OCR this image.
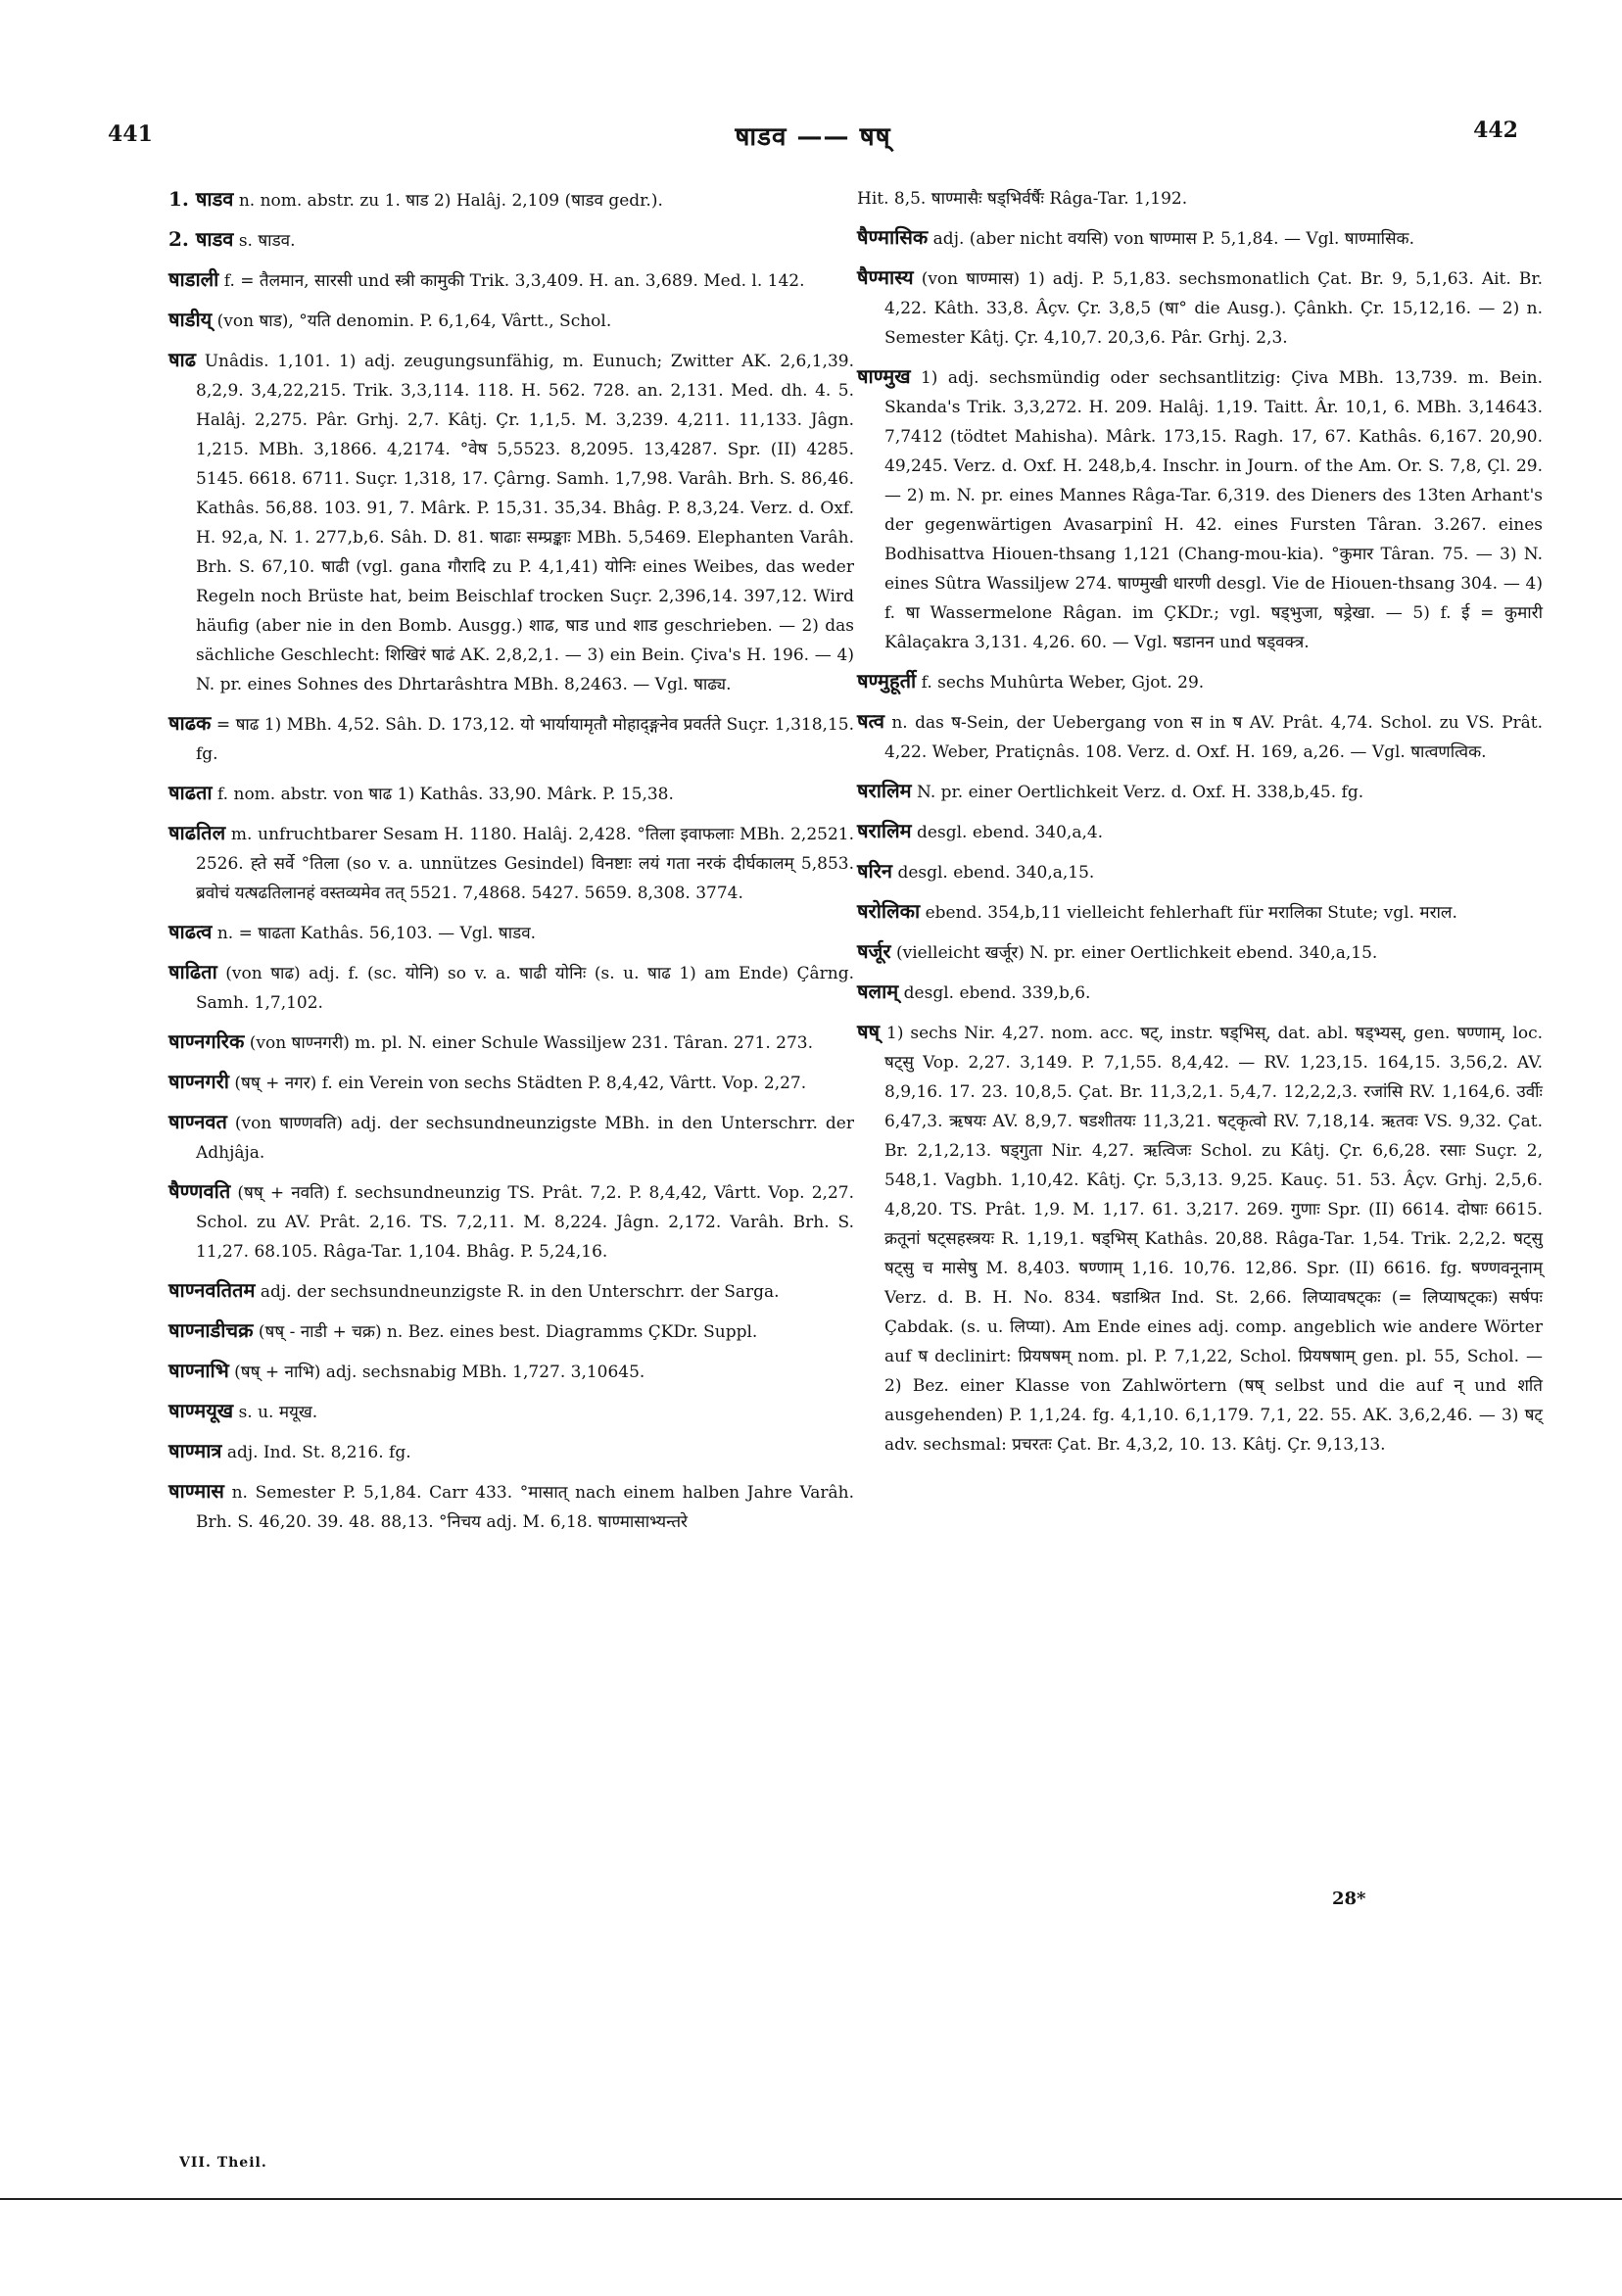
441	षाडव —— षष्	442

1. षाडव n. nom. abstr. zu 1. षाड 2) Halâj. 2,109 (षाडव gedr.).

2. षाडव s. षाडव.

षाडाली f. = तैलमान, सारसी und स्त्री कामुकी Trik. 3,3,409. H. an. 3,689. Med. l. 142.

षाडीय् (von षाड), °यति denomin. P. 6,1,64, Vârtt., Schol.

षाढ Unâdis. 1,101. 1) adj. zeugungsunfähig, m. Eunuch; Zwitter AK. 2,6,1,39. 8,2,9. 3,4,22,215. Trik. 3,3,114. 118. H. 562. 728. an. 2,131. Med. dh. 4. 5. Halâj. 2,275. Pâr. Grhj. 2,7. Kâtj. Çr. 1,1,5. M. 3,239. 4,211. 11,133. Jâgn. 1,215. MBh. 3,1866. 4,2174. °वेष 5,5523. 8,2095. 13,4287. Spr. (II) 4285. 5145. 6618. 6711. Suçr. 1,318, 17. Çârng. Samh. 1,7,98. Varâh. Brh. S. 86,46. Kathâs. 56,88. 103. 91, 7. Mârk. P. 15,31. 35,34. Bhâg. P. 8,3,24. Verz. d. Oxf. H. 92,a, N. 1. 277,b,6. Sâh. D. 81. षाढाः सम्प्रङ्काः MBh. 5,5469. Elephanten Varâh. Brh. S. 67,10. षाढी (vgl. gana गौरादि zu P. 4,1,41) योनिः eines Weibes, das weder Regeln noch Brüste hat, beim Beischlaf trocken Suçr. 2,396,14. 397,12. Wird häufig (aber nie in den Bomb. Ausgg.) शाढ, षाड und शाड geschrieben. — 2) das sächliche Geschlecht: शिखिरं षाढं AK. 2,8,2,1. — 3) ein Bein. Çiva's H. 196. — 4) N. pr. eines Sohnes des Dhrtarâshtra MBh. 8,2463. — Vgl. षाढ्य.

षाढक = षाढ 1) MBh. 4,52. Sâh. D. 173,12. यो भार्यायामृतौ मोहाद्ङ्गनेव प्रवर्तते Suçr. 1,318,15. fg.

षाढता f. nom. abstr. von षाढ 1) Kathâs. 33,90. Mârk. P. 15,38.

षाढतिल m. unfruchtbarer Sesam H. 1180. Halâj. 2,428. °तिला इवाफलाः MBh. 2,2521. 2526. ह्ते सर्वे °तिला (so v. a. unnützes Gesindel) विनष्टाः लयं गता नरकं दीर्घकालम् 5,853. ब्रवोचं यत्षढतिलानहं वस्तव्यमेव तत् 5521. 7,4868. 5427. 5659. 8,308. 3774.

षाढत्व n. = षाढता Kathâs. 56,103. — Vgl. षाडव.

षाढिता (von षाढ) adj. f. (sc. योनि) so v. a. षाढी योनिः (s. u. षाढ 1) am Ende) Çârng. Samh. 1,7,102.

षाण्नगरिक (von षाण्नगरी) m. pl. N. einer Schule Wassiljew 231. Târan. 271. 273.

षाण्नगरी (षष् + नगर) f. ein Verein von sechs Städten P. 8,4,42, Vârtt. Vop. 2,27.

षाण्नवत (von षाण्णवति) adj. der sechsundneunzigste MBh. in den Unterschrr. der Adhjâja.

षैण्णवति (षष् + नवति) f. sechsundneunzig TS. Prât. 7,2. P. 8,4,42, Vârtt. Vop. 2,27. Schol. zu AV. Prât. 2,16. TS. 7,2,11. M. 8,224. Jâgn. 2,172. Varâh. Brh. S. 11,27. 68.105. Râga-Tar. 1,104. Bhâg. P. 5,24,16.

षाण्नवतितम adj. der sechsundneunzigste R. in den Unterschrr. der Sarga.

षाण्नाडीचक्र (षष् - नाडी + चक्र) n. Bez. eines best. Diagramms ÇKDr. Suppl.

षाण्नाभि (षष् + नाभि) adj. sechsnabig MBh. 1,727. 3,10645.

षाण्मयूख s. u. मयूख.

षाण्मात्र adj. Ind. St. 8,216. fg.

षाण्मास n. Semester P. 5,1,84. Carr 433. °मासात् nach einem halben Jahre Varâh. Brh. S. 46,20. 39. 48. 88,13. °निचय adj. M. 6,18. षाण्मासाभ्यन्तरे

Hit. 8,5. षाण्मासैः षड्भिर्वर्षैः Râga-Tar. 1,192.

षैण्मासिक adj. (aber nicht वयसि) von षाण्मास P. 5,1,84. — Vgl. षाण्मासिक.

षैण्मास्य (von षाण्मास) 1) adj. P. 5,1,83. sechsmonatlich Çat. Br. 9, 5,1,63. Ait. Br. 4,22. Kâth. 33,8. Âçv. Çr. 3,8,5 (षा° die Ausg.). Çânkh. Çr. 15,12,16. — 2) n. Semester Kâtj. Çr. 4,10,7. 20,3,6. Pâr. Grhj. 2,3.

षाण्मुख 1) adj. sechsmündig oder sechsantlitzig: Çiva MBh. 13,739. m. Bein. Skanda's Trik. 3,3,272. H. 209. Halâj. 1,19. Taitt. Âr. 10,1, 6. MBh. 3,14643. 7,7412 (tödtet Mahisha). Mârk. 173,15. Ragh. 17, 67. Kathâs. 6,167. 20,90. 49,245. Verz. d. Oxf. H. 248,b,4. Inschr. in Journ. of the Am. Or. S. 7,8, Çl. 29. — 2) m. N. pr. eines Mannes Râga-Tar. 6,319. des Dieners des 13ten Arhant's der gegenwärtigen Avasarpinî H. 42. eines Fursten Târan. 3.267. eines Bodhisattva Hiouen-thsang 1,121 (Chang-mou-kia). °कुमार Târan. 75. — 3) N. eines Sûtra Wassiljew 274. षाण्मुखी धारणी desgl. Vie de Hiouen-thsang 304. — 4) f. षा Wassermelone Râgan. im ÇKDr.; vgl. षड्भुजा, षड्रेखा. — 5) f. ई = कुमारी Kâlaçakra 3,131. 4,26. 60. — Vgl. षडानन und षड्वक्त्र.

षण्मुहूर्ती f. sechs Muhûrta Weber, Gjot. 29.

षत्व n. das ष-Sein, der Uebergang von स in ष AV. Prât. 4,74. Schol. zu VS. Prât. 4,22. Weber, Pratiçnâs. 108. Verz. d. Oxf. H. 169, a,26. — Vgl. षात्वणत्विक.

षरालिम N. pr. einer Oertlichkeit Verz. d. Oxf. H. 338,b,45. fg.

षरालिम desgl. ebend. 340,a,4.

षरिन desgl. ebend. 340,a,15.

षरोलिका ebend. 354,b,11 vielleicht fehlerhaft für मरालिका Stute; vgl. मराल.

षर्जूर (vielleicht खर्जूर) N. pr. einer Oertlichkeit ebend. 340,a,15.

षलाम् desgl. ebend. 339,b,6.

षष् 1) sechs Nir. 4,27. nom. acc. षट्, instr. षड्भिस्, dat. abl. षड्भ्यस्, gen. षण्णाम्, loc. षट्सु Vop. 2,27. 3,149. P. 7,1,55. 8,4,42. — RV. 1,23,15. 164,15. 3,56,2. AV. 8,9,16. 17. 23. 10,8,5. Çat. Br. 11,3,2,1. 5,4,7. 12,2,2,3. रजांसि RV. 1,164,6. उर्वीः 6,47,3. ऋषयः AV. 8,9,7. षडशीतयः 11,3,21. षट्कृत्वो RV. 7,18,14. ऋतवः VS. 9,32. Çat. Br. 2,1,2,13. षड्गुता Nir. 4,27. ऋत्विजः Schol. zu Kâtj. Çr. 6,6,28. रसाः Suçr. 2, 548,1. Vagbh. 1,10,42. Kâtj. Çr. 5,3,13. 9,25. Kauç. 51. 53. Âçv. Grhj. 2,5,6. 4,8,20. TS. Prât. 1,9. M. 1,17. 61. 3,217. 269. गुणाः Spr. (II) 6614. दोषाः 6615. क्रतूनां षट्सहस्त्रयः R. 1,19,1. षड्भिस् Kathâs. 20,88. Râga-Tar. 1,54. Trik. 2,2,2. षट्सु षट्सु च मासेषु M. 8,403. षण्णाम् 1,16. 10,76. 12,86. Spr. (II) 6616. fg. षण्णवनूनाम् Verz. d. B. H. No. 834. षडाश्रित Ind. St. 2,66. लिप्यावषट्कः (= लिप्याषट्कः) सर्षपः Çabdak. (s. u. लिप्या). Am Ende eines adj. comp. angeblich wie andere Wörter auf ष declinirt: प्रियषषम् nom. pl. P. 7,1,22, Schol. प्रियषषाम् gen. pl. 55, Schol. — 2) Bez. einer Klasse von Zahlwörtern (षष् selbst und die auf न् und शति ausgehenden) P. 1,1,24. fg. 4,1,10. 6,1,179. 7,1, 22. 55. AK. 3,6,2,46. — 3) षट् adv. sechsmal: प्रचरतः Çat. Br. 4,3,2, 10. 13. Kâtj. Çr. 9,13,13.

VII. Theil.
28*
